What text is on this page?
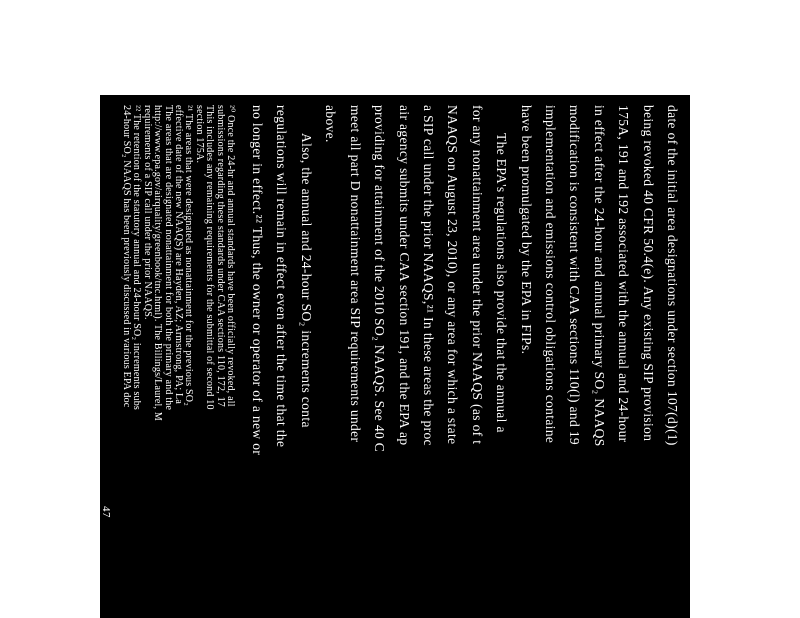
date of the initial area designations under section 107(d)(1)
being revoked 40 CFR 50.4(e). Any existing SIP provision
175A, 191 and 192 associated with the annual and 24-hour
in effect after the 24-hour and annual primary SO₂ NAAQS
modification is consistent with CAA sections 110(l) and 19
implementation and emissions control obligations containe
have been promulgated by the EPA in FIPs.
The EPA's regulations also provide that the annual a
for any nonattainment area under the prior NAAQS (as of t
NAAQS on August 23, 2010), or any area for which a state
a SIP call under the prior NAAQS,²¹ In these areas the proc
air agency submits under CAA section 191, and the EPA ap
providing for attainment of the 2010 SO₂ NAAQS. See 40 C
meet all part D nonattainment area SIP requirements under
above.
Also, the annual and 24-hour SO₂ increments conta
regulations will remain in effect even after the time that the
no longer in effect.²² Thus, the owner or operator of a new or
²⁰ Once the 24-hr and annual standards have been officially revoked, all
submissions regarding these standards under CAA sections 110, 172, 17
This includes any remaining requirements for the submittal of second 10
section 175A.
²¹ The areas that were designated as nonattainment for the previous SO₂
effective date of the new NAAQS) are Hayden, AZ; Armstrong, PA; La
The areas that are designated nonattainment for both the primary and the
http://www.epa.gov/airquality/greenbook/tnc.html). The Billings/Laurel, M
requirements of a SIP call under the prior NAAQS.
²² The retention of the statutory annual and 24-hour SO₂ increments subs
24-hour SO₂ NAAQS has been previously discussed in various EPA doc
47
